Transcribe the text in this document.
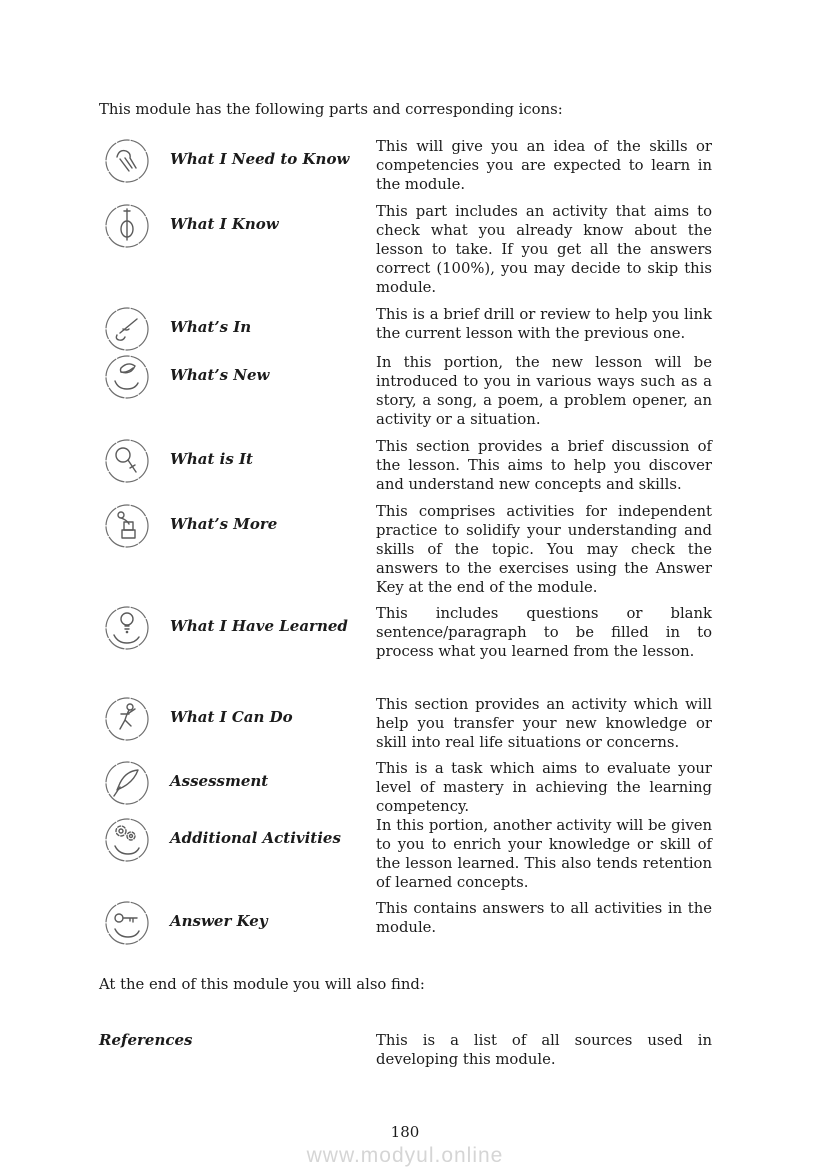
This module has the following parts and corresponding icons:

What I Need to Know
This will give you an idea of the skills or competencies you are expected to learn in the module.
What I Know
This part includes an activity that aims to check what you already know about the lesson to take. If you get all the answers correct (100%), you may decide to skip this module.
What’s In
This is a brief drill or review to help you link the current lesson with the previous one.
What’s New
In this portion, the new lesson will be introduced to you in various ways such as a story, a song, a poem, a problem opener, an activity or a situation.
What is It
This section provides a brief discussion of the lesson. This aims to help you discover and understand new concepts and skills.
What’s More
This comprises activities for independent practice to solidify your understanding and skills of the topic. You may check the answers to the exercises using the Answer Key at the end of the module.
What I Have Learned
This includes questions or blank sentence/paragraph to be filled in to process what you learned from the lesson.
What I Can Do
This section provides an activity which will help you transfer your new knowledge or skill into real life situations or concerns.
Assessment
This is a task which aims to evaluate your level of mastery in achieving the learning competency.
Additional Activities
In this portion, another activity will be given to you to enrich your knowledge or skill of the lesson learned. This also tends retention of learned concepts.
Answer Key
This contains answers to all activities in the module.

At the end of this module you will also find:

References	This is a list of all sources used in developing this module.
180
www.modyul.online
